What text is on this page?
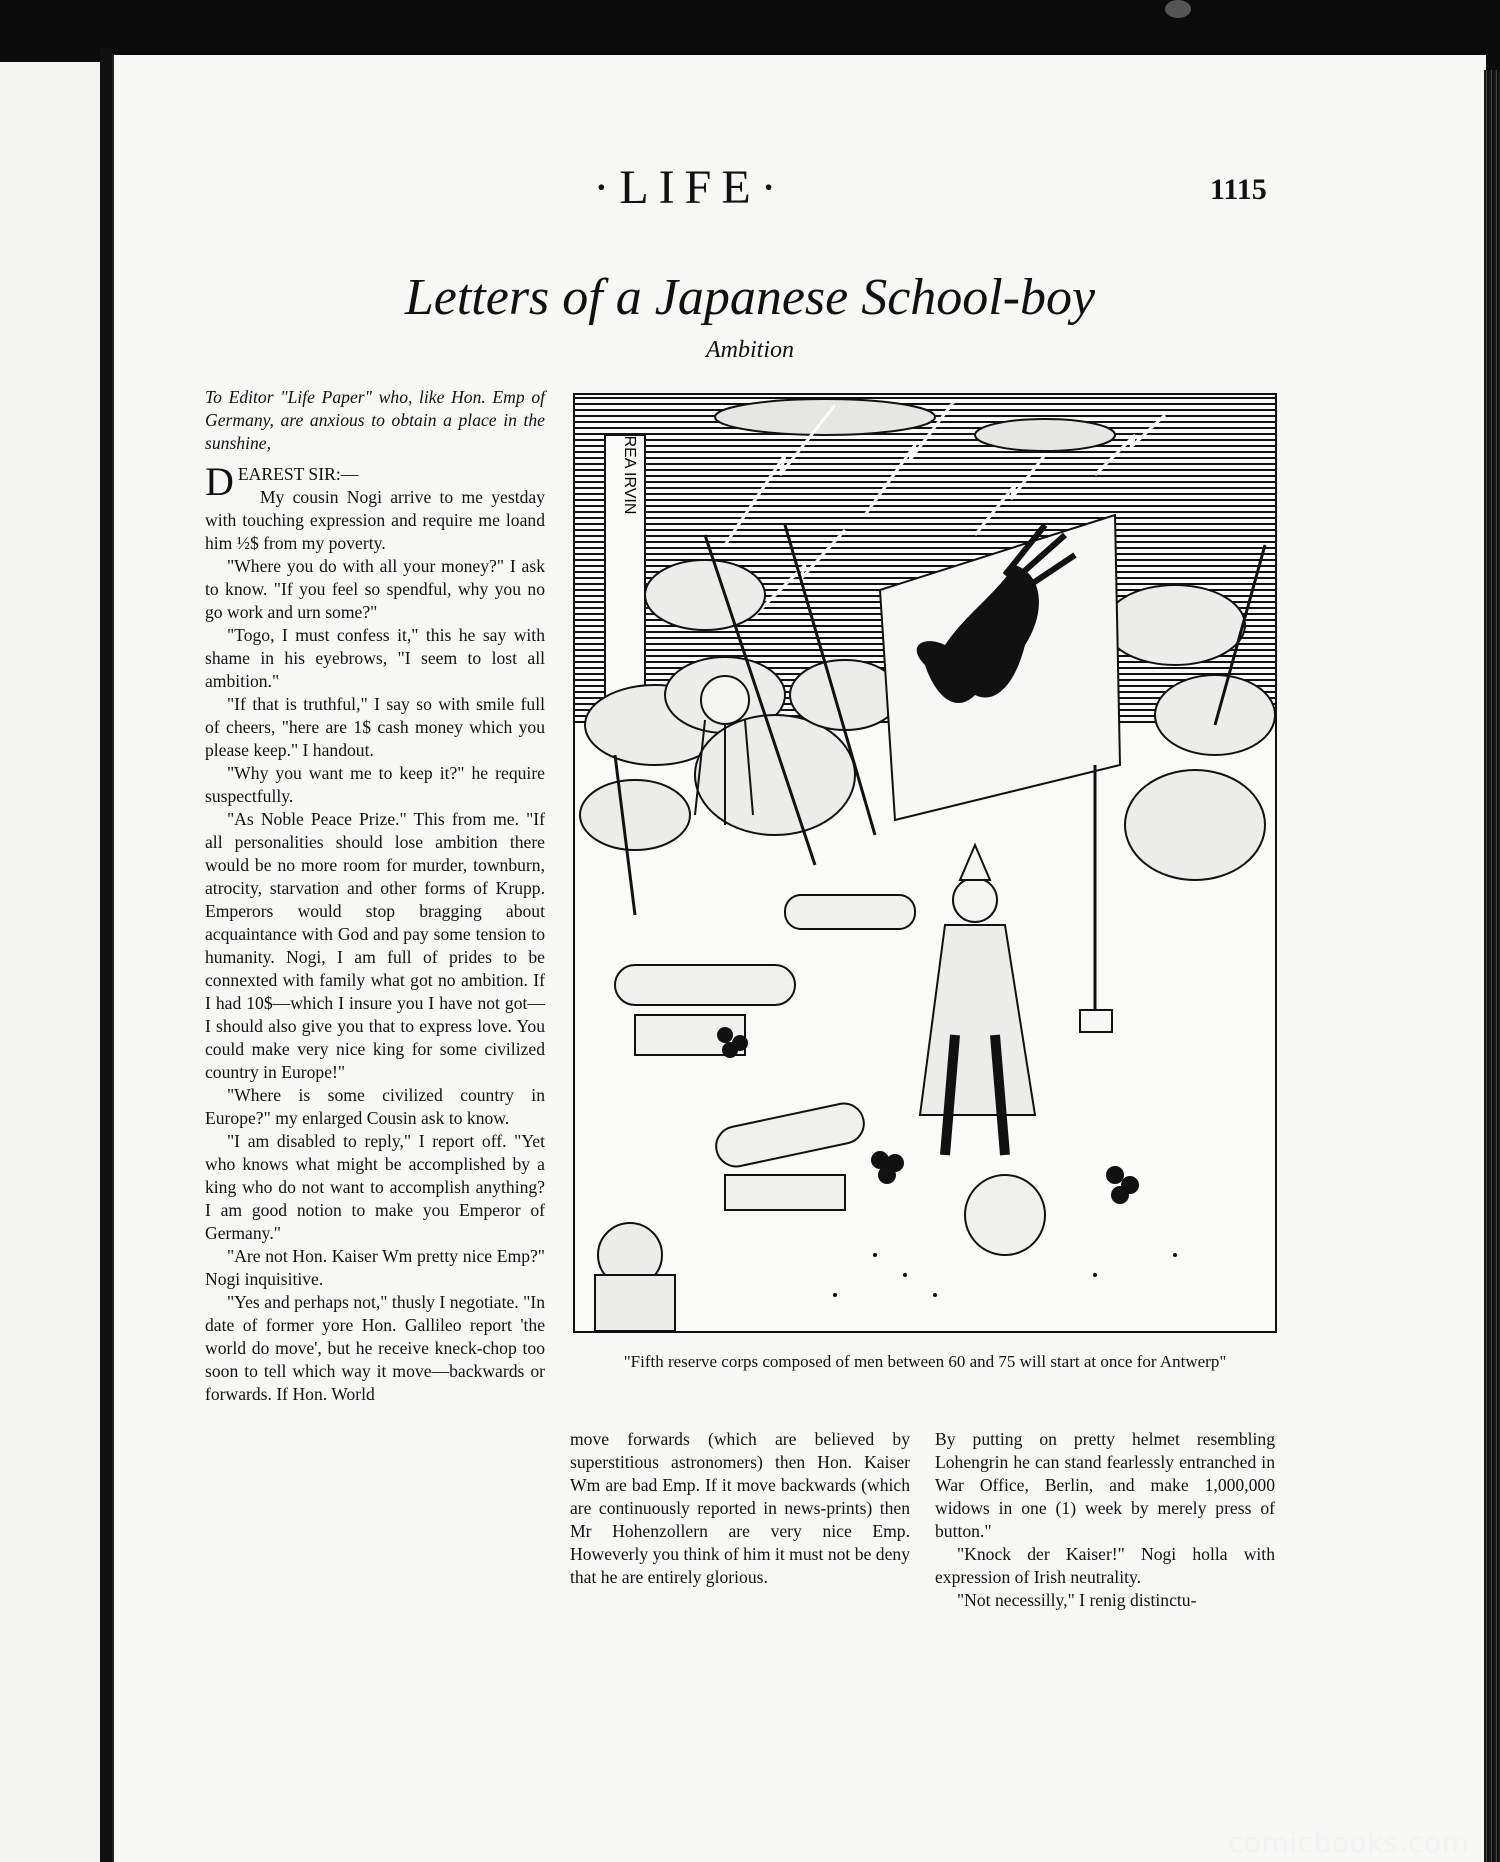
·LIFE·	1115
Letters of a Japanese School-boy
Ambition

To Editor "Life Paper" who, like Hon. Emp of Germany, are anxious to obtain a place in the sunshine,

DEAREST SIR:—

My cousin Nogi arrive to me yestday with touching expression and require me loand him ½$ from my poverty.

"Where you do with all your money?" I ask to know. "If you feel so spendful, why you no go work and urn some?"

"Togo, I must confess it," this he say with shame in his eyebrows, "I seem to lost all ambition."

"If that is truthful," I say so with smile full of cheers, "here are 1$ cash money which you please keep." I handout.

"Why you want me to keep it?" he require suspectfully.

"As Noble Peace Prize." This from me. "If all personalities should lose ambition there would be no more room for murder, townburn, atrocity, starvation and other forms of Krupp. Emperors would stop bragging about acquaintance with God and pay some tension to humanity. Nogi, I am full of prides to be connexted with family what got no ambition. If I had 10$—which I insure you I have not got—I should also give you that to express love. You could make very nice king for some civilized country in Europe!"

"Where is some civilized country in Europe?" my enlarged Cousin ask to know.

"I am disabled to reply," I report off. "Yet who knows what might be accomplished by a king who do not want to accomplish anything? I am good notion to make you Emperor of Germany."

"Are not Hon. Kaiser Wm pretty nice Emp?" Nogi inquisitive.

"Yes and perhaps not," thusly I negotiate. "In date of former yore Hon. Gallileo report 'the world do move', but he receive kneck-chop too soon to tell which way it move—backwards or forwards. If Hon. World

REA IRVIN
"Fifth reserve corps composed of men between 60 and 75 will start at once for Antwerp"

move forwards (which are believed by superstitious astronomers) then Hon. Kaiser Wm are bad Emp. If it move backwards (which are continuously reported in news-prints) then Mr Hohenzollern are very nice Emp. Howeverly you think of him it must not be deny that he are entirely glorious.

By putting on pretty helmet resembling Lohengrin he can stand fearlessly entranched in War Office, Berlin, and make 1,000,000 widows in one (1) week by merely press of button."

"Knock der Kaiser!" Nogi holla with expression of Irish neutrality.

"Not necessilly," I renig distinctu-

comicbooks.com
